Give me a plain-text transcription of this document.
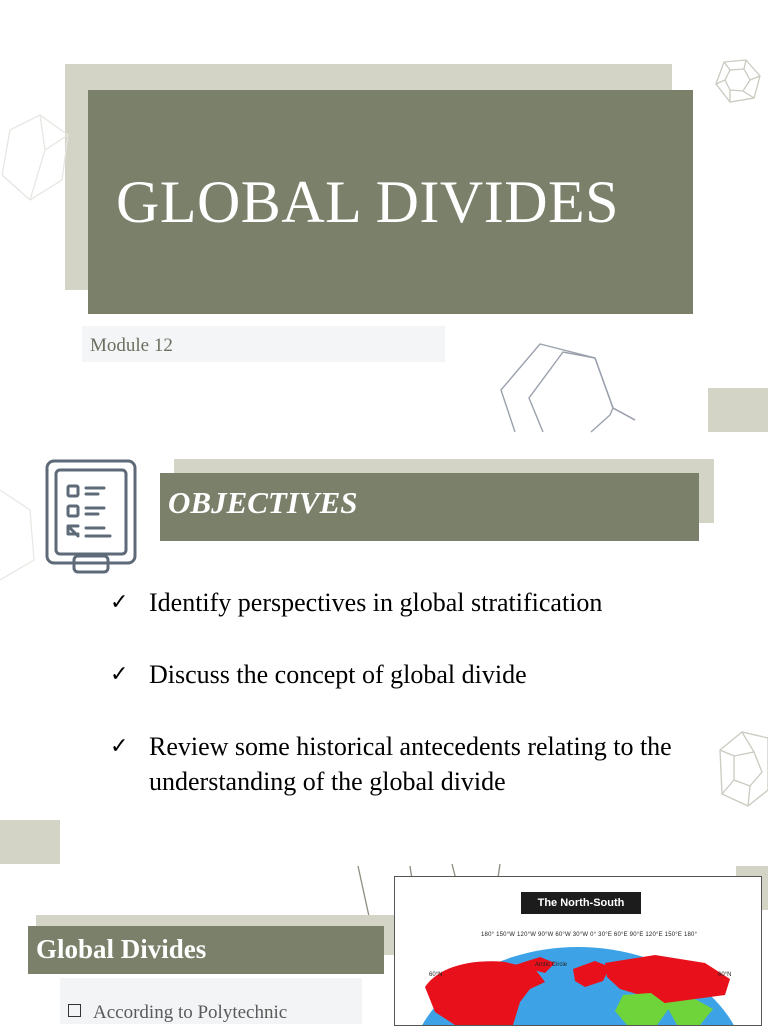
GLOBAL DIVIDES
Module 12
OBJECTIVES
✓ Identify perspectives in global stratification
✓ Discuss the concept of global divide
✓ Review some historical antecedents relating to the understanding of the global divide
Global Divides
According to Polytechnic
The North-South Divide
180° 150°W 120°W 90°W 60°W 30°W 0° 30°E 60°E 90°E 120°E 150°E 180°
Arctic Circle
60°N	60°N
